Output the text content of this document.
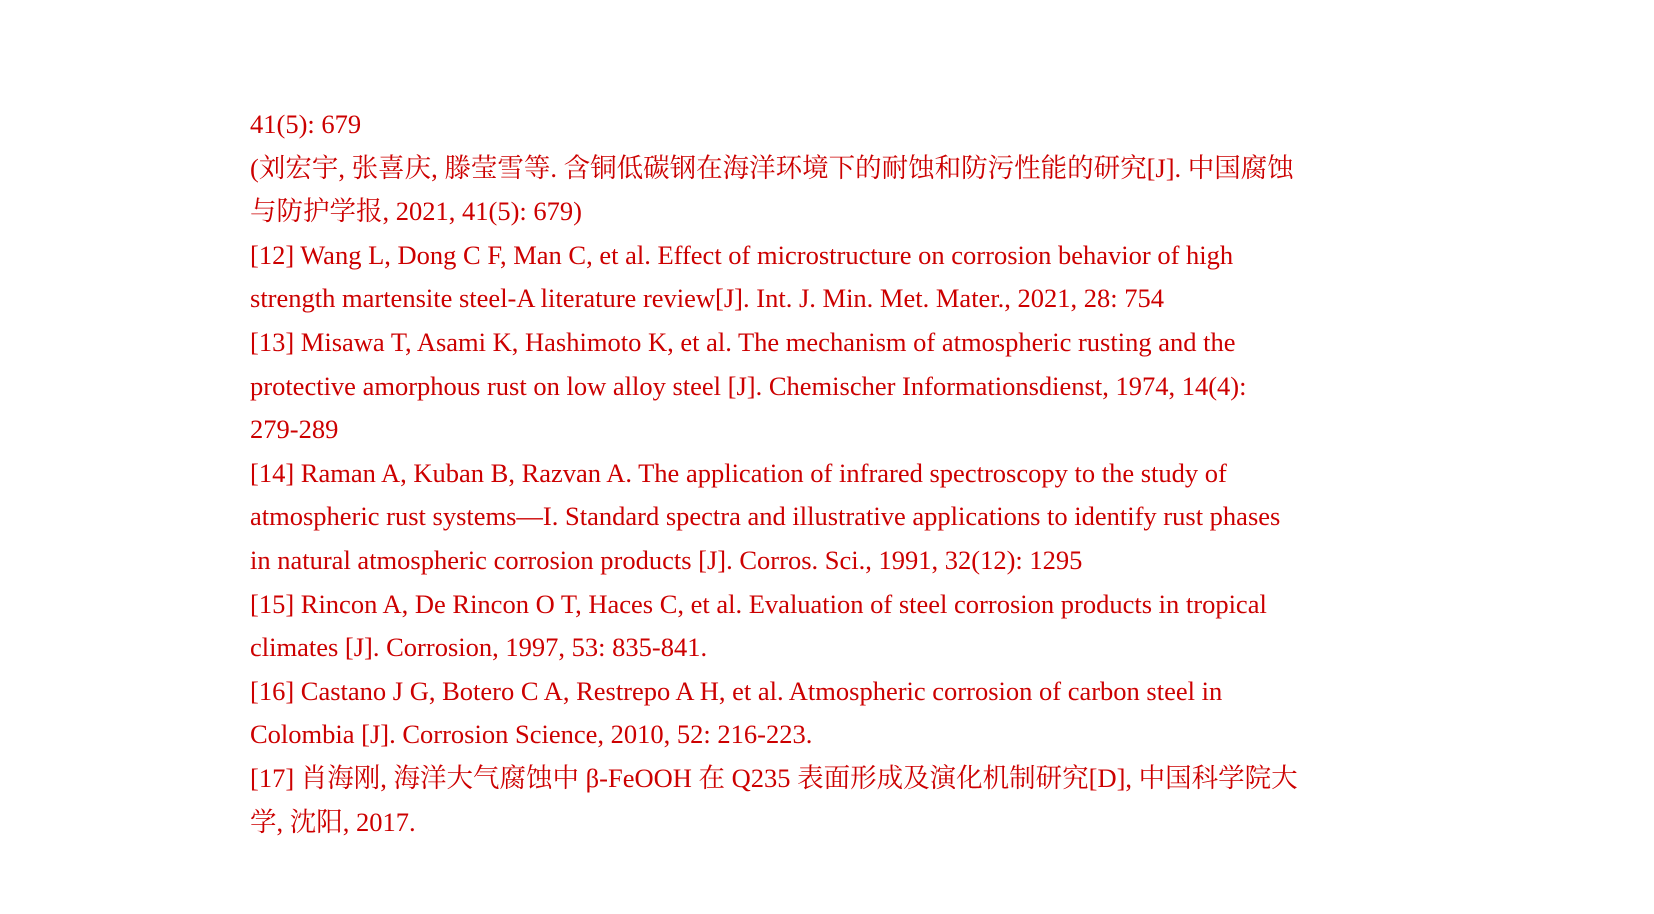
41(5): 679
(刘宏宇, 张喜庆, 滕莹雪等. 含铜低碳钢在海洋环境下的耐蚀和防污性能的研究[J]. 中国腐蚀
与防护学报, 2021, 41(5): 679)
[12] Wang L, Dong C F, Man C, et al. Effect of microstructure on corrosion behavior of high
strength martensite steel-A literature review[J]. Int. J. Min. Met. Mater., 2021, 28: 754
[13] Misawa T, Asami K, Hashimoto K, et al. The mechanism of atmospheric rusting and the
protective amorphous rust on low alloy steel [J]. Chemischer Informationsdienst, 1974, 14(4):
279-289
[14] Raman A, Kuban B, Razvan A. The application of infrared spectroscopy to the study of
atmospheric rust systems—I. Standard spectra and illustrative applications to identify rust phases
in natural atmospheric corrosion products [J]. Corros. Sci., 1991, 32(12): 1295
[15] Rincon A, De Rincon O T, Haces C, et al. Evaluation of steel corrosion products in tropical
climates [J]. Corrosion, 1997, 53: 835-841.
[16] Castano J G, Botero C A, Restrepo A H, et al. Atmospheric corrosion of carbon steel in
Colombia [J]. Corrosion Science, 2010, 52: 216-223.
[17] 肖海刚, 海洋大气腐蚀中 β-FeOOH 在 Q235 表面形成及演化机制研究[D], 中国科学院大
学, 沈阳, 2017.
